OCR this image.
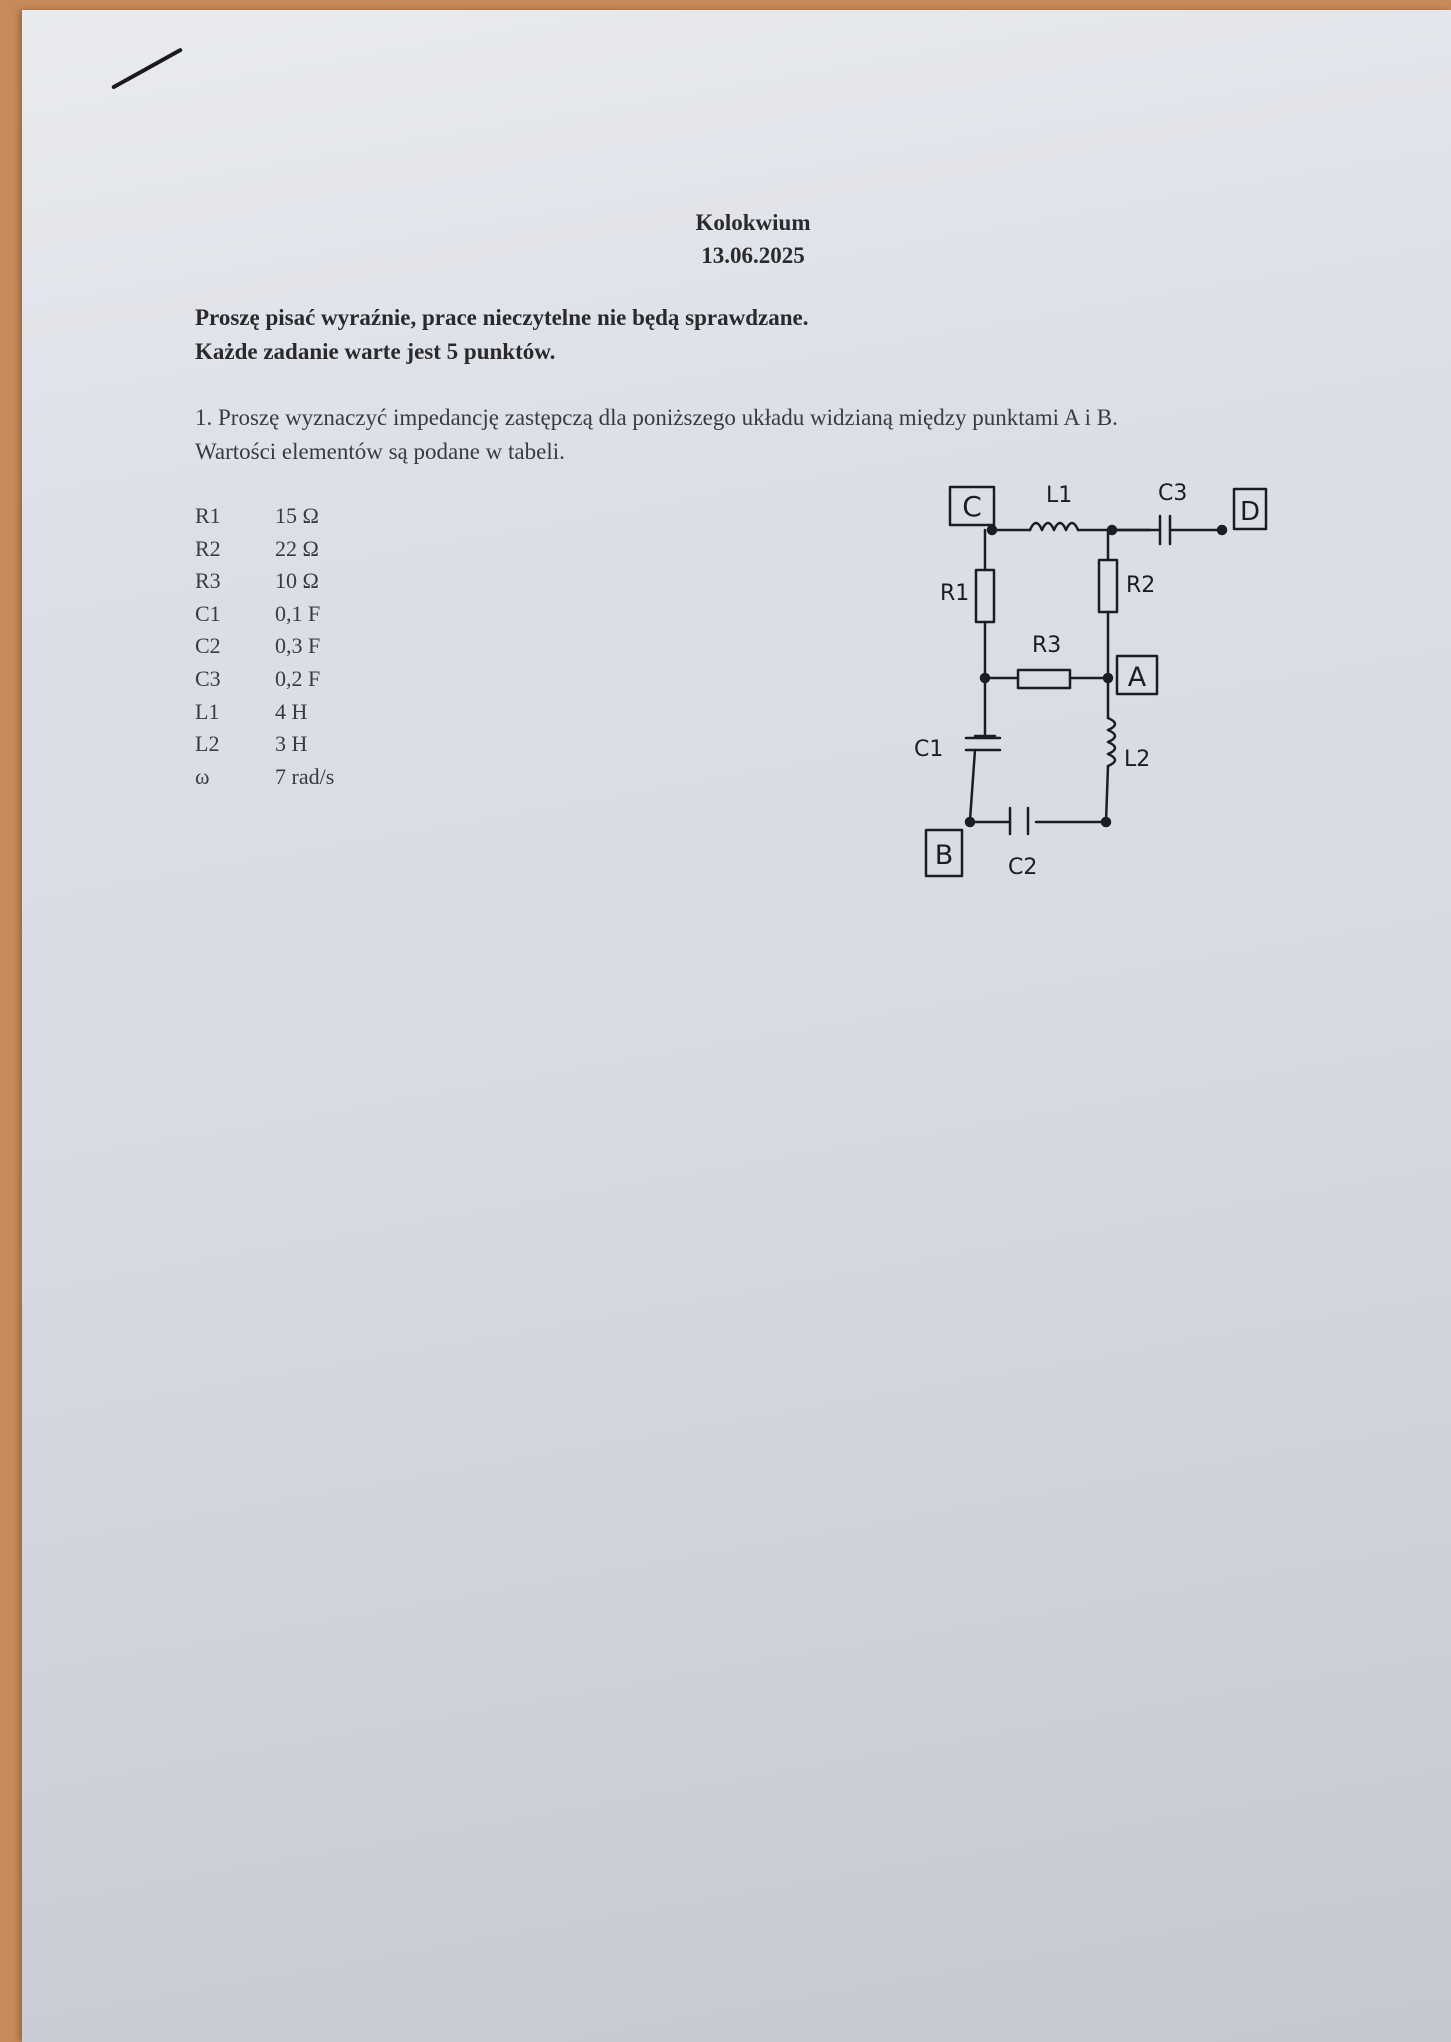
Kolokwium
13.06.2025
Proszę pisać wyraźnie, prace nieczytelne nie będą sprawdzane.
Każde zadanie warte jest 5 punktów.
1. Proszę wyznaczyć impedancję zastępczą dla poniższego układu widzianą między punktami A i B.
Wartości elementów są podane w tabeli.
R1	15 Ω
R2	22 Ω
R3	10 Ω
C1	0,1 F
C2	0,3 F
C3	0,2 F
L1	4 H
L2	3 H
ω	7 rad/s
C	D
L1	C3
R1	R2
R3
A
C1	L2
C2
B
